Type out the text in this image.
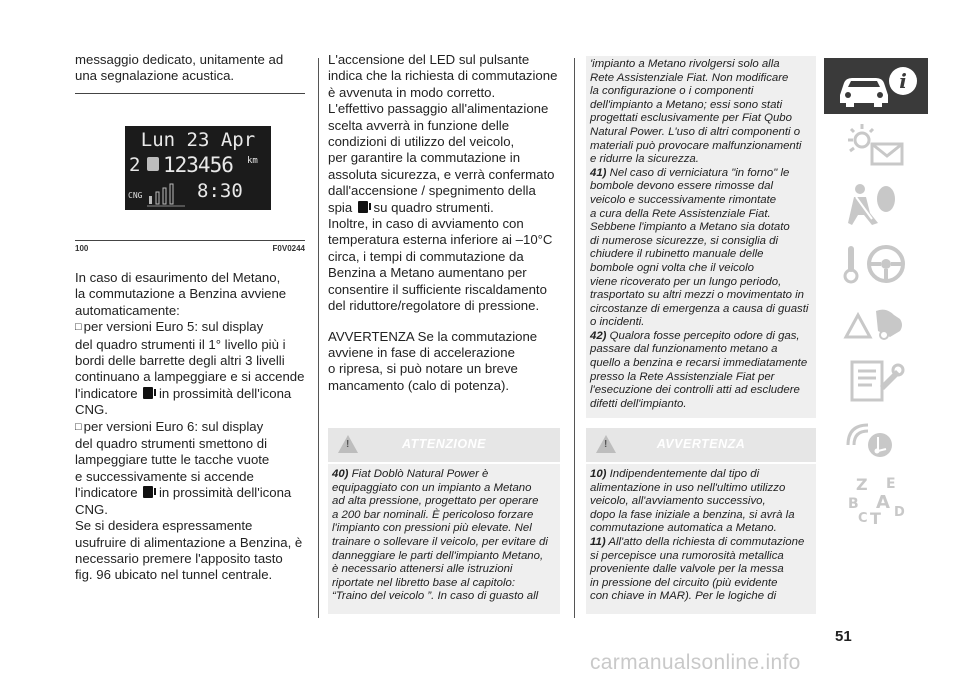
messaggio dedicato, unitamente ad

una segnalazione acustica.

Lun 23 Apr
2 123456 km
CNG	8:30
100	F0V0244

In caso di esaurimento del Metano,

la commutazione a Benzina avviene

automaticamente:

□ per versioni Euro 5: sul display

del quadro strumenti il 1° livello più i

bordi delle barrette degli altri 3 livelli

continuano a lampeggiare e si accende

l'indicatore in prossimità dell'icona

CNG.

□ per versioni Euro 6: sul display

del quadro strumenti smettono di

lampeggiare tutte le tacche vuote

e successivamente si accende

l'indicatore in prossimità dell'icona

CNG.

Se si desidera espressamente

usufruire di alimentazione a Benzina, è

necessario premere l'apposito tasto

fig. 96 ubicato nel tunnel centrale.

L'accensione del LED sul pulsante

indica che la richiesta di commutazione

è avvenuta in modo corretto.

L'effettivo passaggio all'alimentazione

scelta avverrà in funzione delle

condizioni di utilizzo del veicolo,

per garantire la commutazione in

assoluta sicurezza, e verrà confermato

dall'accensione / spegnimento della

spia su quadro strumenti.

Inoltre, in caso di avviamento con

temperatura esterna inferiore ai –10°C

circa, i tempi di commutazione da

Benzina a Metano aumentano per

consentire il sufficiente riscaldamento

del riduttore/regolatore di pressione.

AVVERTENZA Se la commutazione

avviene in fase di accelerazione

o ripresa, si può notare un breve

mancamento (calo di potenza).

!	ATTENZIONE

40) Fiat Doblò Natural Power è

equipaggiato con un impianto a Metano

ad alta pressione, progettato per operare

a 200 bar nominali. È pericoloso forzare

l'impianto con pressioni più elevate. Nel

trainare o sollevare il veicolo, per evitare di

danneggiare le parti dell'impianto Metano,

è necessario attenersi alle istruzioni

riportate nel libretto base al capitolo:

“Traino del veicolo ”. In caso di guasto all

'impianto a Metano rivolgersi solo alla

Rete Assistenziale Fiat. Non modificare

la configurazione o i componenti

dell'impianto a Metano; essi sono stati

progettati esclusivamente per Fiat Qubo

Natural Power. L'uso di altri componenti o

materiali può provocare malfunzionamenti

e ridurre la sicurezza.

41) Nel caso di verniciatura "in forno" le

bombole devono essere rimosse dal

veicolo e successivamente rimontate

a cura della Rete Assistenziale Fiat.

Sebbene l'impianto a Metano sia dotato

di numerose sicurezze, si consiglia di

chiudere il rubinetto manuale delle

bombole ogni volta che il veicolo

viene ricoverato per un lungo periodo,

trasportato su altri mezzi o movimentato in

circostanze di emergenza a causa di guasti

o incidenti.

42) Qualora fosse percepito odore di gas,

passare dal funzionamento metano a

quello a benzina e recarsi immediatamente

presso la Rete Assistenziale Fiat per

l'esecuzione dei controlli atti ad escludere

difetti dell'impianto.

!	AVVERTENZA

10) Indipendentemente dal tipo di

alimentazione in uso nell'ultimo utilizzo

veicolo, all'avviamento successivo,

dopo la fase iniziale a benzina, si avrà la

commutazione automatica a Metano.

11) All'atto della richiesta di commutazione

si percepisce una rumorosità metallica

proveniente dalle valvole per la messa

in pressione del circuito (più evidente

con chiave in MAR). Per le logiche di

i
Z E
B A
C T D
51
carmanualsonline.info
